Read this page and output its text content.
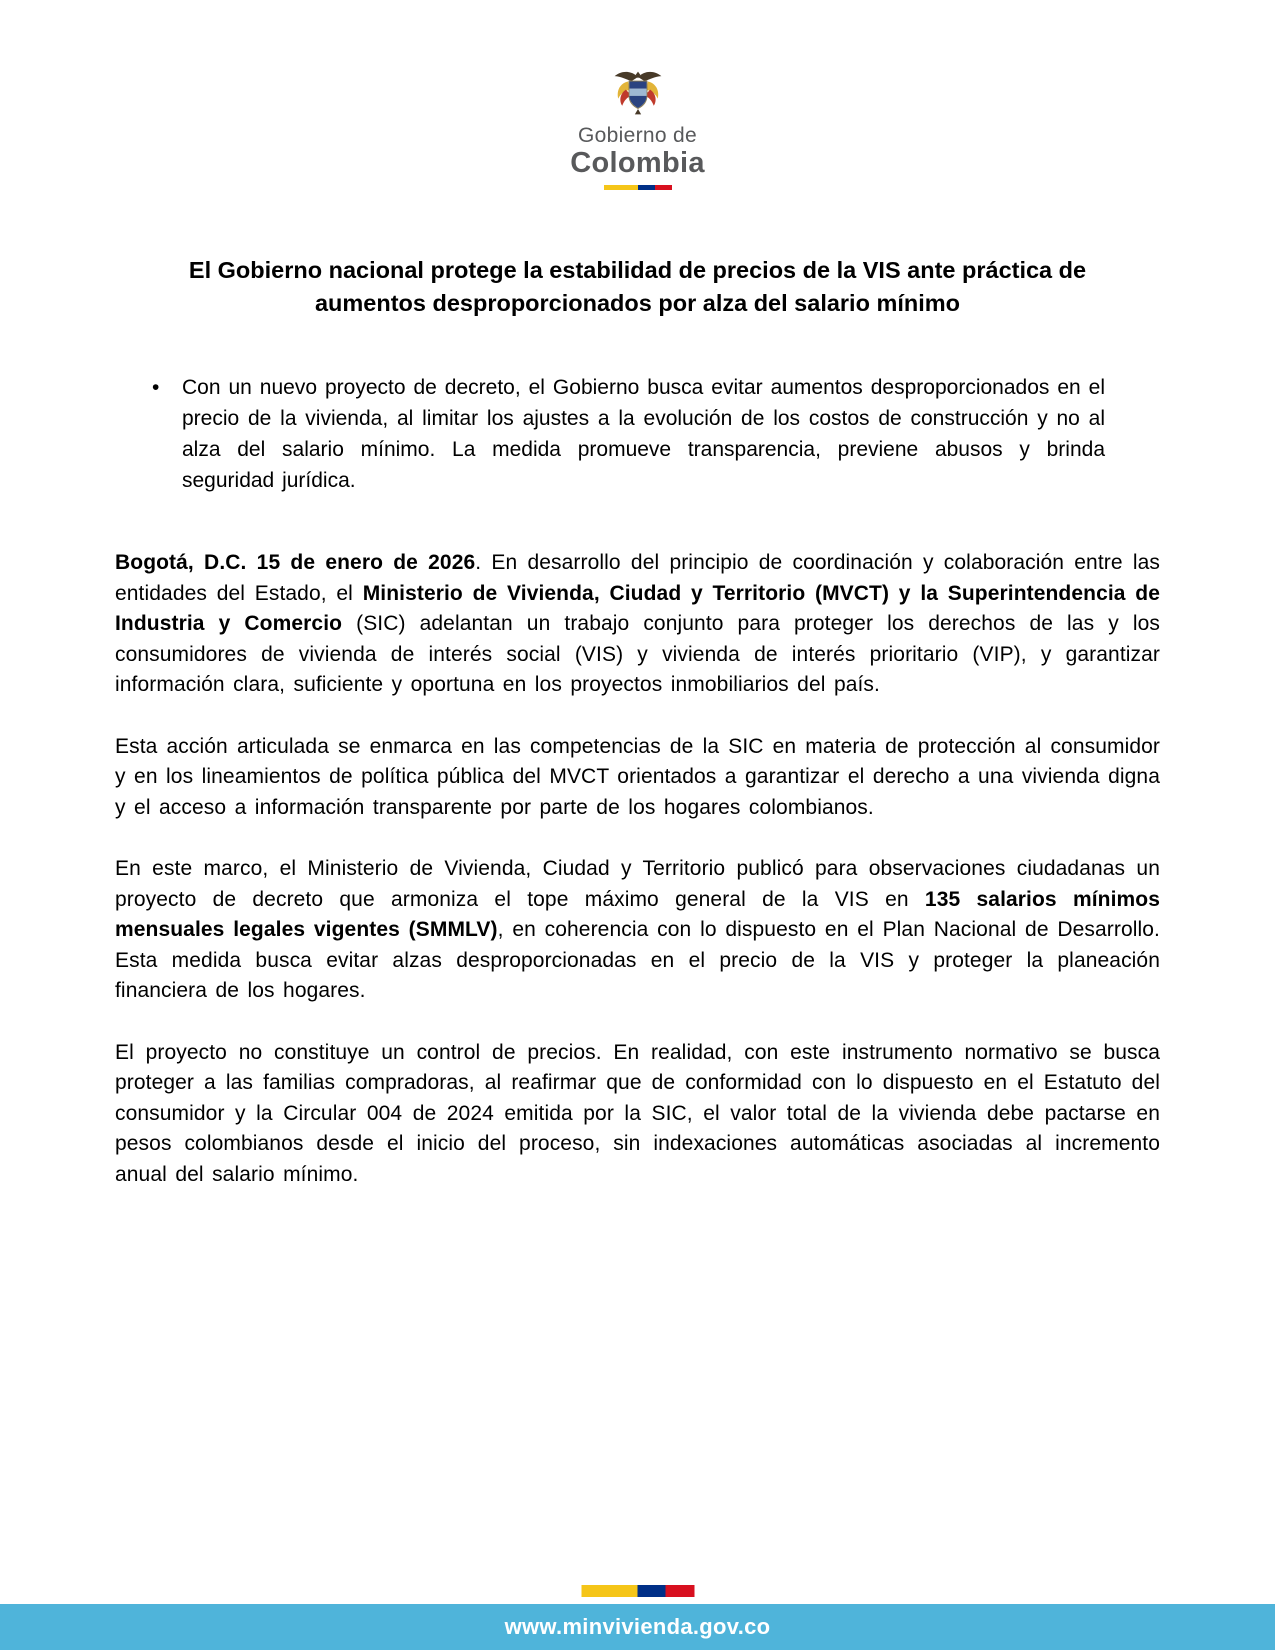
Gobierno de
Colombia
El Gobierno nacional protege la estabilidad de precios de la VIS ante práctica de aumentos desproporcionados por alza del salario mínimo
•	Con un nuevo proyecto de decreto, el Gobierno busca evitar aumentos desproporcionados en el precio de la vivienda, al limitar los ajustes a la evolución de los costos de construcción y no al alza del salario mínimo. La medida promueve transparencia, previene abusos y brinda seguridad jurídica.

Bogotá, D.C. 15 de enero de 2026. En desarrollo del principio de coordinación y colaboración entre las entidades del Estado, el Ministerio de Vivienda, Ciudad y Territorio (MVCT) y la Superintendencia de Industria y Comercio (SIC) adelantan un trabajo conjunto para proteger los derechos de las y los consumidores de vivienda de interés social (VIS) y vivienda de interés prioritario (VIP), y garantizar información clara, suficiente y oportuna en los proyectos inmobiliarios del país.

Esta acción articulada se enmarca en las competencias de la SIC en materia de protección al consumidor y en los lineamientos de política pública del MVCT orientados a garantizar el derecho a una vivienda digna y el acceso a información transparente por parte de los hogares colombianos.

En este marco, el Ministerio de Vivienda, Ciudad y Territorio publicó para observaciones ciudadanas un proyecto de decreto que armoniza el tope máximo general de la VIS en 135 salarios mínimos mensuales legales vigentes (SMMLV), en coherencia con lo dispuesto en el Plan Nacional de Desarrollo. Esta medida busca evitar alzas desproporcionadas en el precio de la VIS y proteger la planeación financiera de los hogares.

El proyecto no constituye un control de precios. En realidad, con este instrumento normativo se busca proteger a las familias compradoras, al reafirmar que de conformidad con lo dispuesto en el Estatuto del consumidor y la Circular 004 de 2024 emitida por la SIC, el valor total de la vivienda debe pactarse en pesos colombianos desde el inicio del proceso, sin indexaciones automáticas asociadas al incremento anual del salario mínimo.

www.minvivienda.gov.co
